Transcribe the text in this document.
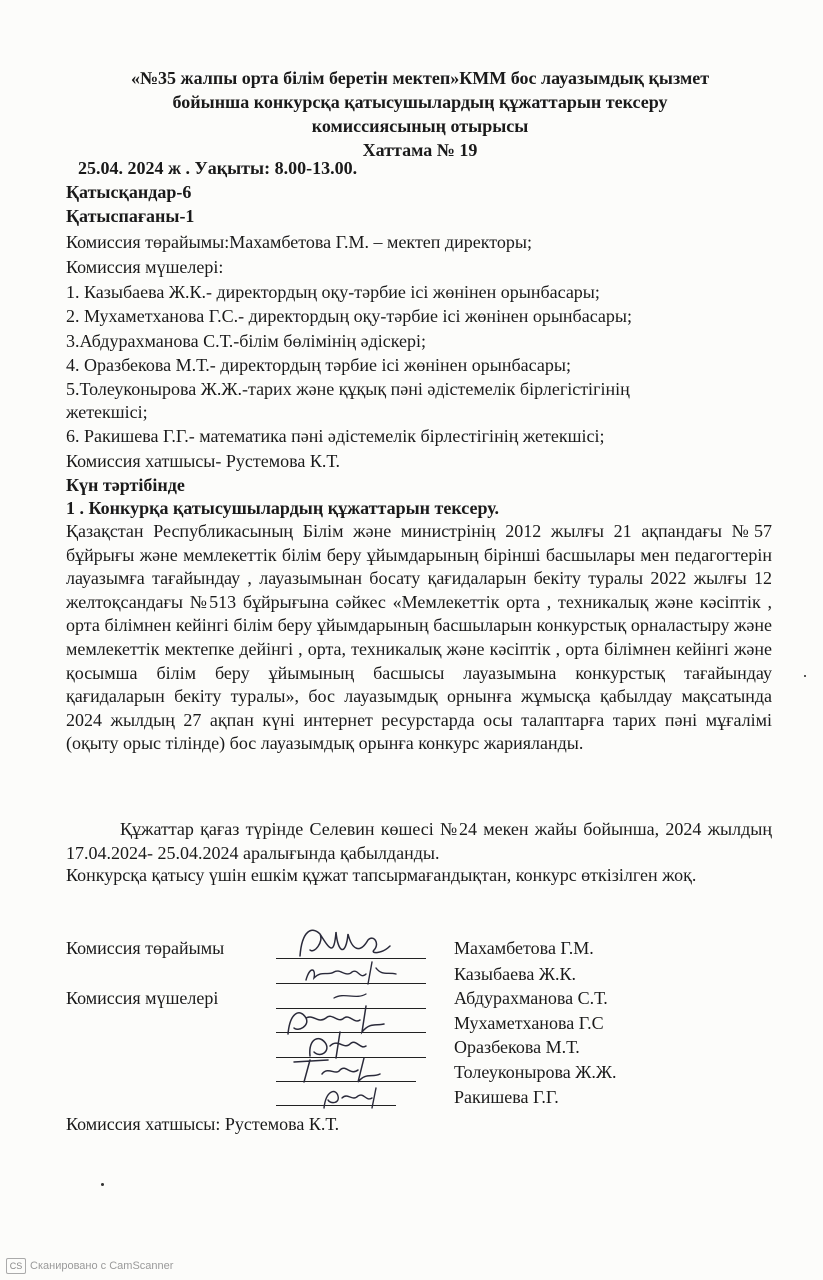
«№35 жалпы орта білім беретін мектеп»КММ бос лауазымдық қызмет
бойынша конкурсқа қатысушылардың құжаттарын тексеру
комиссиясының отырысы
Хаттама № 19
25.04. 2024 ж . Уақыты: 8.00-13.00.
Қатысқандар-6
Қатыспағаны-1
Комиссия төрайымы:Махамбетова Г.М. – мектеп директоры;
Комиссия мүшелері:
1. Казыбаева Ж.К.- директордың оқу-тәрбие ісі жөнінен орынбасары;
2. Мухаметханова Г.С.- директордың оқу-тәрбие ісі жөнінен орынбасары;
3.Абдурахманова С.Т.-білім бөлімінің әдіскері;
4. Оразбекова М.Т.- директордың тәрбие ісі жөнінен орынбасары;
5.Толеуконырова Ж.Ж.-тарих және құқық пәні әдістемелік бірлегістігінің
жетекшісі;
6. Ракишева Г.Г.- математика пәні әдістемелік бірлестігінің жетекшісі;
Комиссия хатшысы- Рустемова К.Т.
Күн тәртібінде
1 . Конкурқа қатысушылардың құжаттарын тексеру.
Қазақстан Республикасының Білім және министрінің 2012 жылғы 21 ақпандағы №57 бұйрығы және мемлекеттік білім беру ұйымдарының бірінші басшылары мен педагогтерін лауазымға тағайындау , лауазымынан босату қағидаларын бекіту туралы 2022 жылғы 12 желтоқсандағы №513 бұйрығына сәйкес «Мемлекеттік орта , техникалық және кәсіптік , орта білімнен кейінгі білім беру ұйымдарының басшыларын конкурстық орналастыру және мемлекеттік мектепке дейінгі , орта, техникалық және кәсіптік , орта білімнен кейінгі және қосымша білім беру ұйымының басшысы лауазымына конкурстық тағайындау қағидаларын бекіту туралы», бос лауазымдық орнынға жұмысқа қабылдау мақсатында 2024 жылдың 27 ақпан күні интернет ресурстарда осы талаптарға тарих пәні мұғалімі (оқыту орыс тілінде) бос лауазымдық орынға конкурс жарияланды.
Құжаттар қағаз түрінде Селевин көшесі №24 мекен жайы бойынша, 2024 жылдың 17.04.2024- 25.04.2024 аралығында қабылданды.
Конкурсқа қатысу үшін ешкім құжат тапсырмағандықтан, конкурс өткізілген жоқ.
Комиссия төрайымы
Комиссия мүшелері
Комиссия хатшысы: Рустемова К.Т.
Махамбетова Г.М.
Казыбаева Ж.К.
Абдурахманова С.Т.
Мухаметханова Г.С
Оразбекова М.Т.
Толеуконырова Ж.Ж.
Ракишева Г.Г.
CS Сканировано с CamScanner
